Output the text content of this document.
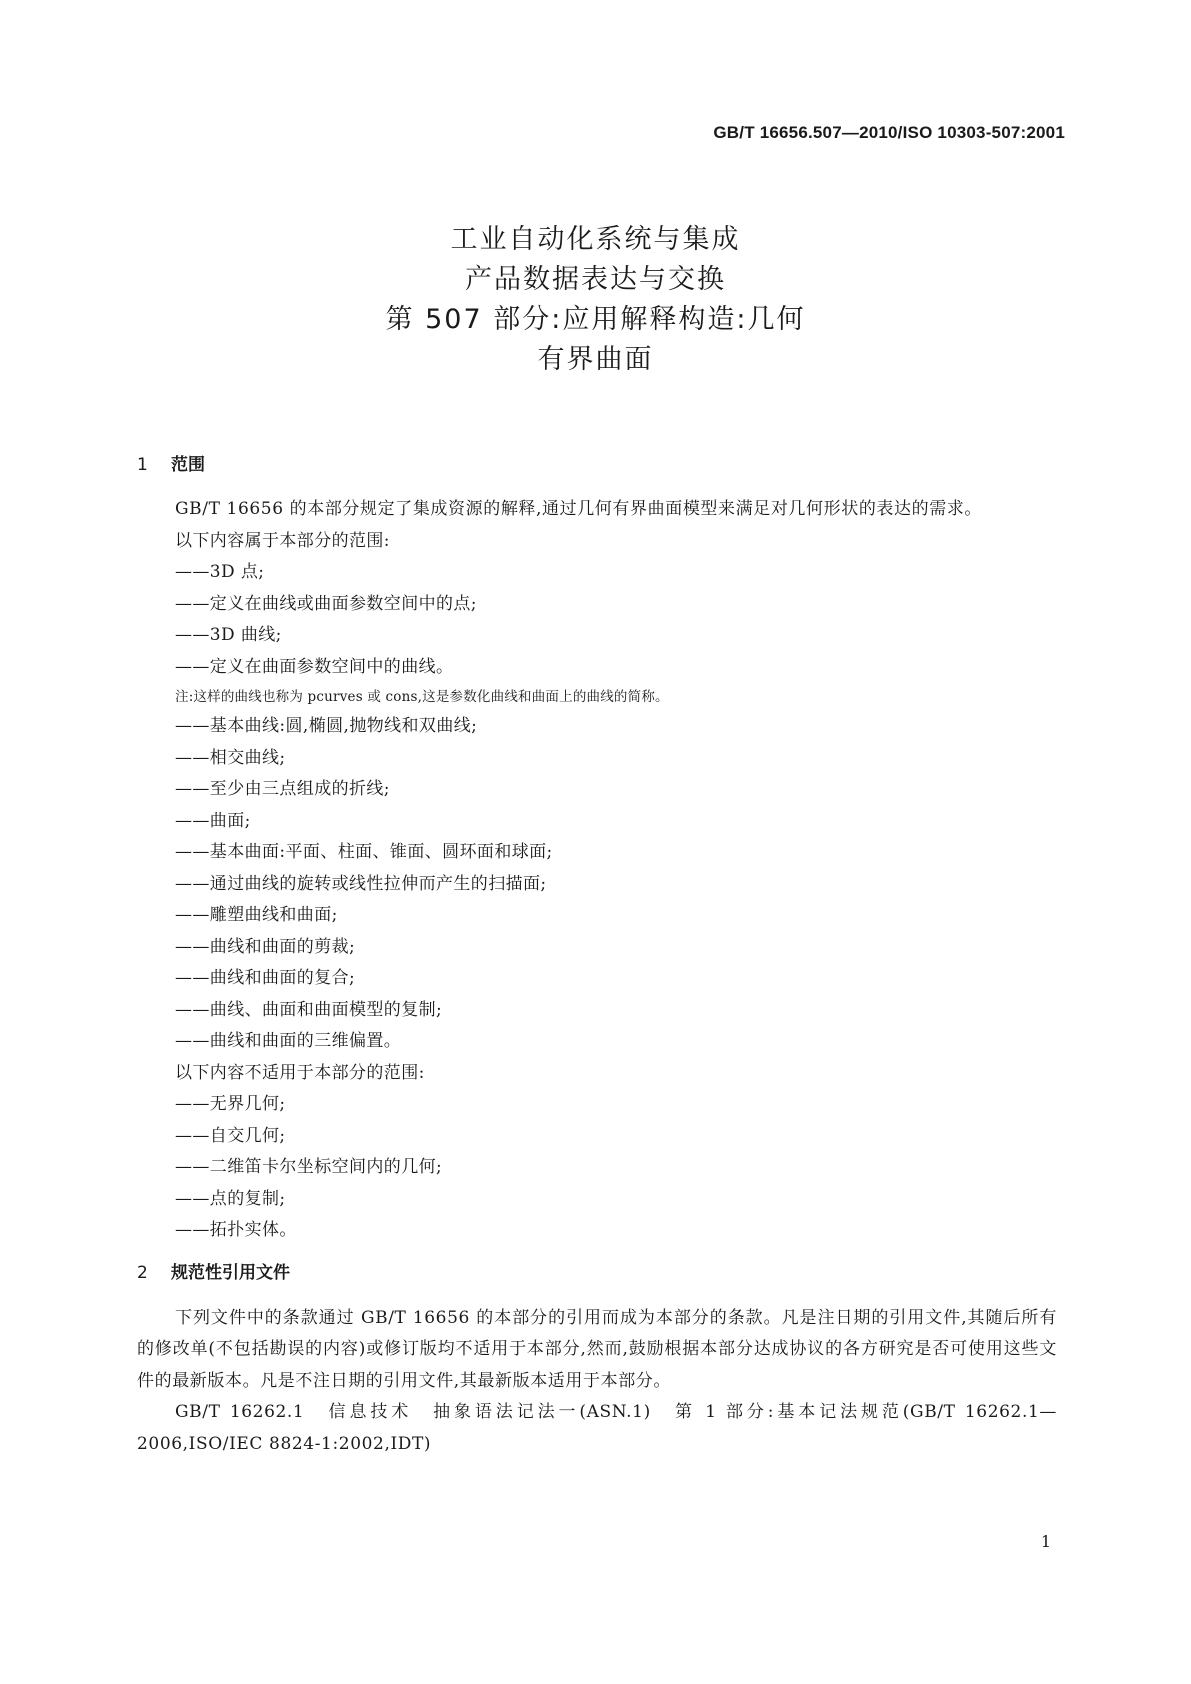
GB/T 16656.507—2010/ISO 10303-507:2001
工业自动化系统与集成
产品数据表达与交换
第 507 部分:应用解释构造:几何
有界曲面
1 范围

GB/T 16656 的本部分规定了集成资源的解释,通过几何有界曲面模型来满足对几何形状的表达的需求。

以下内容属于本部分的范围:

——3D 点;

——定义在曲线或曲面参数空间中的点;

——3D 曲线;

——定义在曲面参数空间中的曲线。

注:这样的曲线也称为 pcurves 或 cons,这是参数化曲线和曲面上的曲线的简称。

——基本曲线:圆,椭圆,抛物线和双曲线;

——相交曲线;

——至少由三点组成的折线;

——曲面;

——基本曲面:平面、柱面、锥面、圆环面和球面;

——通过曲线的旋转或线性拉伸而产生的扫描面;

——雕塑曲线和曲面;

——曲线和曲面的剪裁;

——曲线和曲面的复合;

——曲线、曲面和曲面模型的复制;

——曲线和曲面的三维偏置。

以下内容不适用于本部分的范围:

——无界几何;

——自交几何;

——二维笛卡尔坐标空间内的几何;

——点的复制;

——拓扑实体。

2 规范性引用文件

下列文件中的条款通过 GB/T 16656 的本部分的引用而成为本部分的条款。凡是注日期的引用文件,其随后所有的修改单(不包括勘误的内容)或修订版均不适用于本部分,然而,鼓励根据本部分达成协议的各方研究是否可使用这些文件的最新版本。凡是不注日期的引用文件,其最新版本适用于本部分。

GB/T 16262.1　信息技术　抽象语法记法一(ASN.1)　第 1 部分:基本记法规范(GB/T 16262.1—2006,ISO/IEC 8824-1:2002,IDT)

1
